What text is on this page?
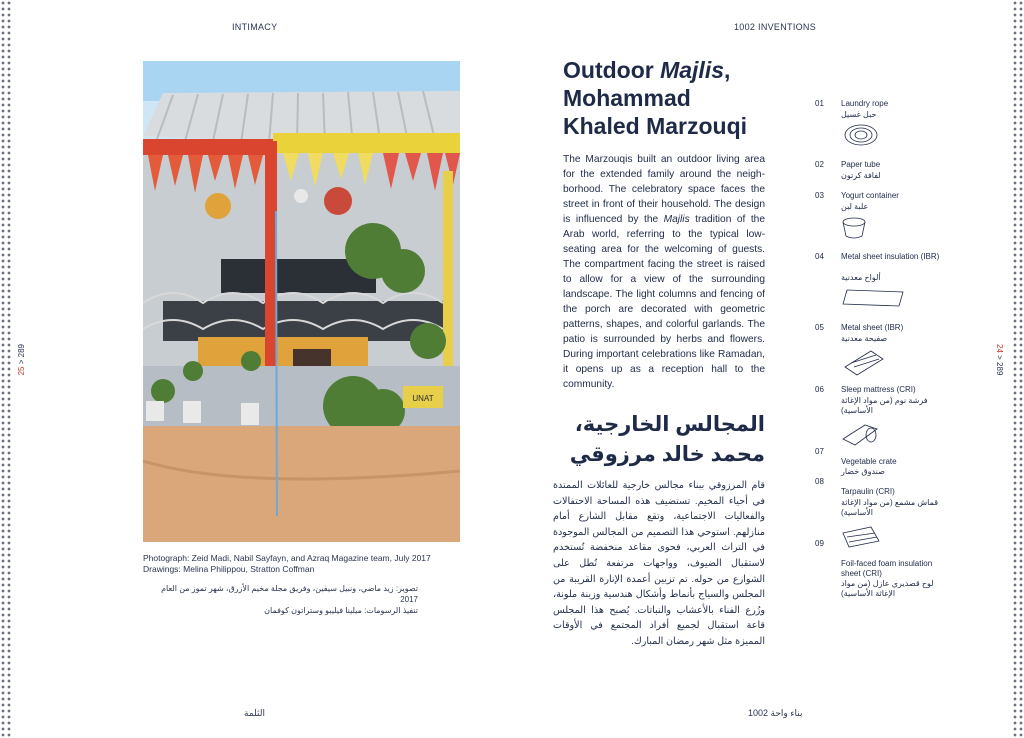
INTIMACY	1002 INVENTIONS
25 > 289	24 > 289
UNAT
Photograph: Zeid Madi, Nabil Sayfayn, and Azraq Magazine team, July 2017
Drawings: Melina Philippou, Stratton Coffman
تصوير: زيد ماضي، ونبيل سيفين، وفريق مجلة مخيم الأزرق، شهر تموز من العام 2017
تنفيذ الرسومات: ميلينا فيليبو وستراتون كوفمان
Outdoor Majlis,
Mohammad
Khaled Marzouqi
The Marzouqis built an outdoor living area for the extended family around the neighborhood. The celebratory space faces the street in front of their household. The design is influenced by the Majlis tradition of the Arab world, referring to the typical low-seating area for the welcoming of guests. The compartment facing the street is raised to allow for a view of the surrounding landscape. The light columns and fencing of the porch are decorated with geometric patterns, shapes, and colorful garlands. The patio is surrounded by herbs and flowers. During important celebrations like Ramadan, it opens up as a reception hall to the community.
المجالس الخارجية،
محمد خالد مرزوقي
قام المرزوقي ببناء مجالس خارجية للعائلات الممتدة في أحياء المخيم. تستضيف هذه المساحة الاحتفالات والفعاليات الاجتماعية، وتقع مقابل الشارع أمام منازلهم. استوحي هذا التصميم من المجالس الموجودة في التراث العربي، فحوى مقاعد منخفضة تُستخدم لاستقبال الضيوف، وواجهات مرتفعة تُطل على الشوارع من حوله. تم تزيين أعمدة الإنارة القريبة من المجلس والسياج بأنماط وأشكال هندسية وزينة ملونة، وزُرع الفناء بالأعشاب والنباتات. يُصبح هذا المجلس قاعة استقبال لجميع أفراد المجتمع في الأوقات المميزة مثل شهر رمضان المبارك.
01 Laundry rope
حبل غسيل
02 Paper tube
لفافة كرتون
03 Yogurt container
علبة لبن
04 Metal sheet insulation (IBR)
ألواح معدنية
05 Metal sheet (IBR)
صفيحة معدنية
06 Sleep mattress (CRI)
فرشة نوم (من مواد الإغاثة الأساسية)
07
Vegetable crate
صندوق خضار
08
Tarpaulin (CRI)
قماش مشمع (من مواد الإغاثة الأساسية)
09
Foil-faced foam insulation sheet (CRI)
لوح قصديري عازل (من مواد الإغاثة الأساسية)
الثلمة	بناء واحة 1002
